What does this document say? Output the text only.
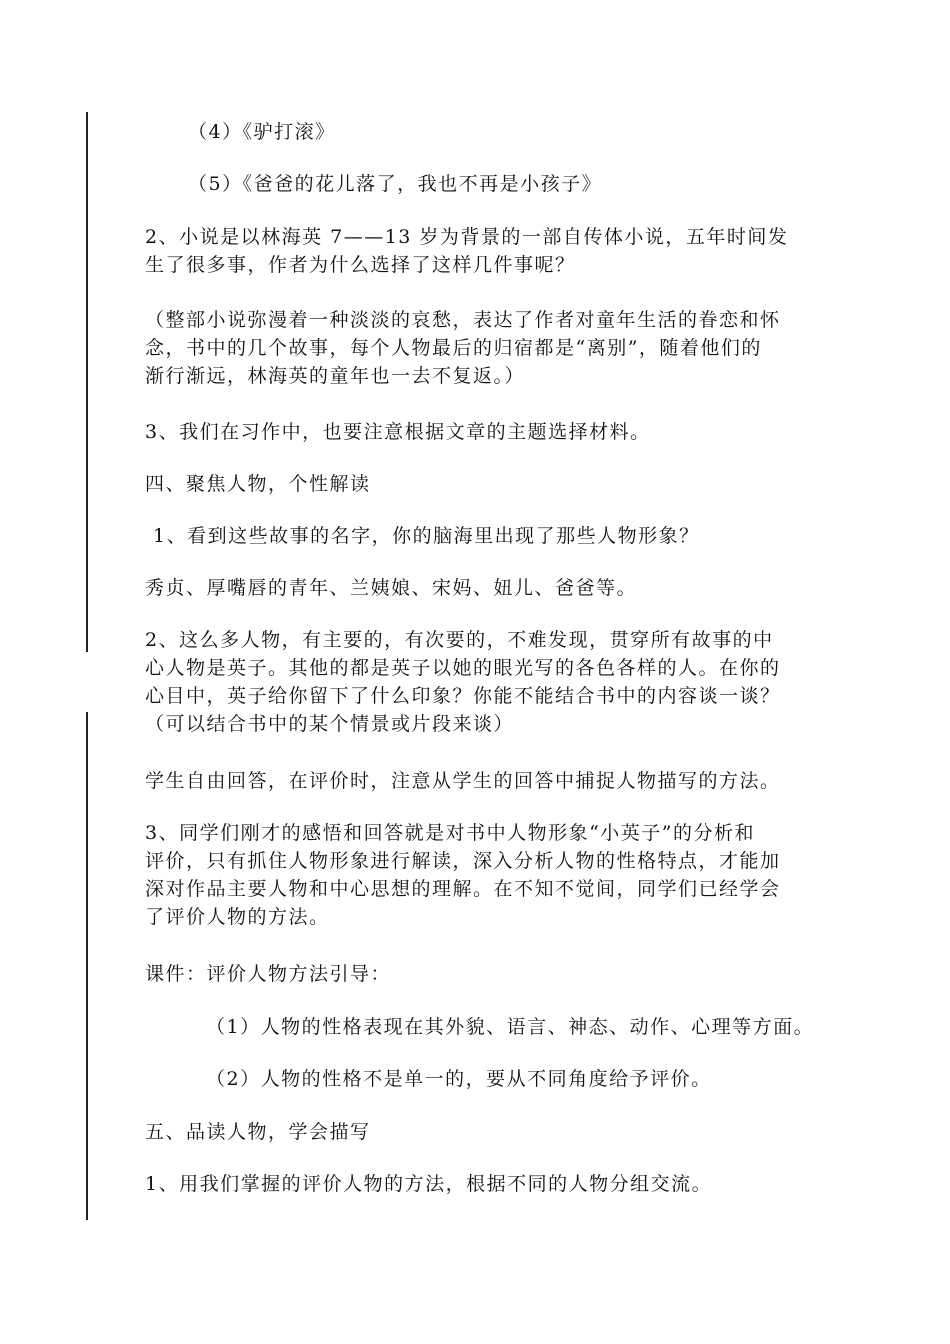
（4）《驴打滚》
（5）《爸爸的花儿落了，我也不再是小孩子》
2、小说是以林海英 7——13 岁为背景的一部自传体小说，五年时间发
生了很多事，作者为什么选择了这样几件事呢？
（整部小说弥漫着一种淡淡的哀愁，表达了作者对童年生活的眷恋和怀
念，书中的几个故事，每个人物最后的归宿都是“离别”，随着他们的
渐行渐远，林海英的童年也一去不复返。）
3、我们在习作中，也要注意根据文章的主题选择材料。
四、聚焦人物，个性解读
1、看到这些故事的名字，你的脑海里出现了那些人物形象？
秀贞、厚嘴唇的青年、兰姨娘、宋妈、妞儿、爸爸等。
2、这么多人物，有主要的，有次要的，不难发现，贯穿所有故事的中
心人物是英子。其他的都是英子以她的眼光写的各色各样的人。在你的
心目中，英子给你留下了什么印象？你能不能结合书中的内容谈一谈？
（可以结合书中的某个情景或片段来谈）
学生自由回答，在评价时，注意从学生的回答中捕捉人物描写的方法。
3、同学们刚才的感悟和回答就是对书中人物形象“小英子”的分析和
评价，只有抓住人物形象进行解读，深入分析人物的性格特点，才能加
深对作品主要人物和中心思想的理解。在不知不觉间，同学们已经学会
了评价人物的方法。
课件：评价人物方法引导：
（1）人物的性格表现在其外貌、语言、神态、动作、心理等方面。
（2）人物的性格不是单一的，要从不同角度给予评价。
五、品读人物，学会描写
1、用我们掌握的评价人物的方法，根据不同的人物分组交流。
